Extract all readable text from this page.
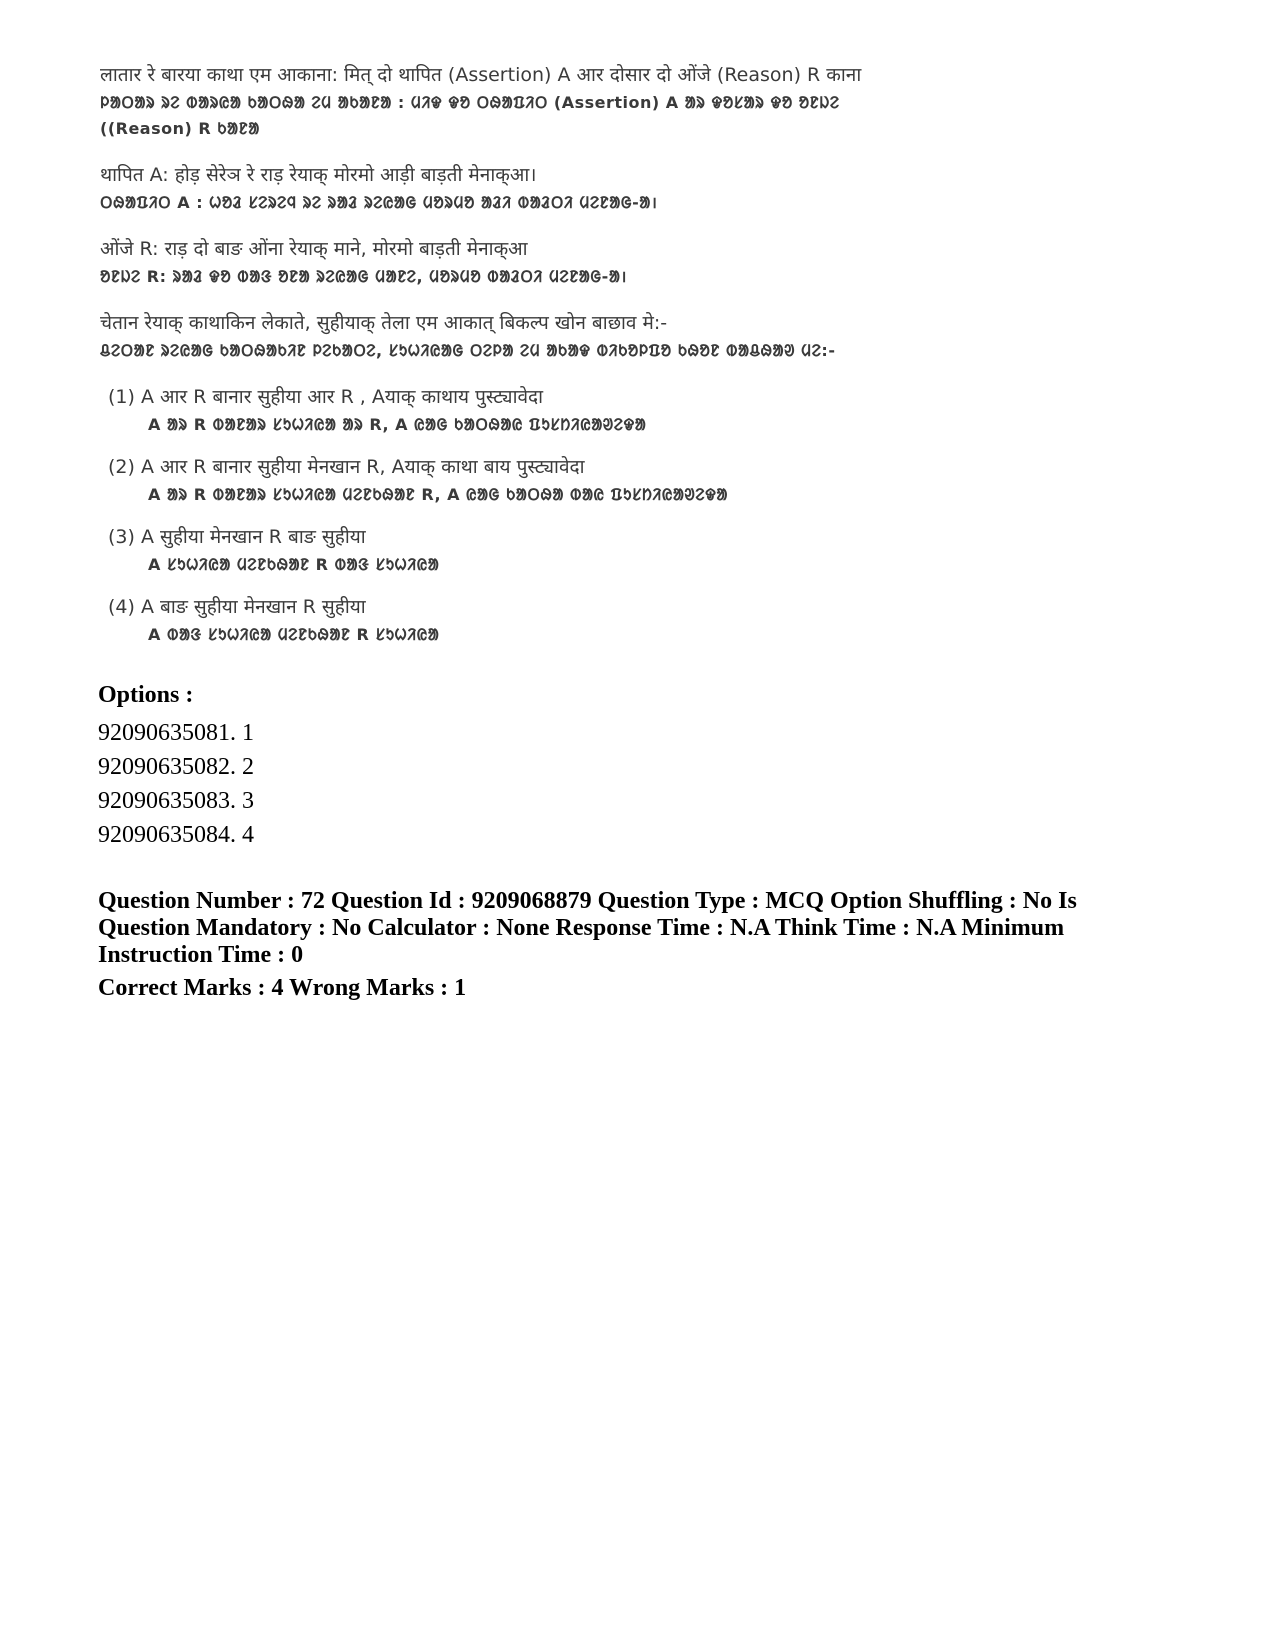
लातार रे बारया काथा एम आकाना: मित् दो थापित (Assertion) A आर दोसार दो ओंजे (Reason) R काना
ᱞᱟᱛᱟᱨ ᱨᱮ ᱵᱟᱨᱭᱟ ᱠᱟᱛᱷᱟ ᱮᱢ ᱟᱠᱟᱱᱟ : ᱢᱤᱫ ᱫᱚ ᱛᱷᱟᱯᱤᱛ (Assertion) A ᱟᱨ ᱫᱚᱥᱟᱨ ᱫᱚ ᱚᱱᱡᱮ ((Reason) R ᱠᱟᱱᱟ
थापित A: होड़ सेरेञ रे राड़ रेयाक् मोरमो आड़ी बाड़ती मेनाक्आ।
ᱛᱷᱟᱯᱤᱛ A : ᱦᱚᱲ ᱥᱮᱨᱮᱧ ᱨᱮ ᱨᱟᱲ ᱨᱮᱭᱟᱜ ᱢᱚᱨᱢᱚ ᱟᱲᱤ ᱵᱟᱲᱛᱤ ᱢᱮᱱᱟᱜ-ᱟ।
ओंजे R: राड़ दो बाङ ओंना रेयाक् माने, मोरमो बाड़ती मेनाक्आ
ᱚᱱᱡᱮ R: ᱨᱟᱲ ᱫᱚ ᱵᱟᱝ ᱚᱱᱟ ᱨᱮᱭᱟᱜ ᱢᱟᱱᱮ, ᱢᱚᱨᱢᱚ ᱵᱟᱲᱛᱤ ᱢᱮᱱᱟᱜ-ᱟ।
चेतान रेयाक् काथाकिन लेकाते, सुहीयाक् तेला एम आकात् बिकल्प खोन बाछाव मे:-
ᱪᱮᱛᱟᱱ ᱨᱮᱭᱟᱜ ᱠᱟᱛᱷᱟᱠᱤᱱ ᱞᱮᱠᱟᱛᱮ, ᱥᱩᱦᱤᱭᱟᱜ ᱛᱮᱞᱟ ᱮᱢ ᱟᱠᱟᱫ ᱵᱤᱠᱚᱞᱯᱚ ᱠᱷᱚᱱ ᱵᱟᱪᱷᱟᱣ ᱢᱮ:-
(1) A आर R बानार सुहीया आर R , Aयाक् काथाय पुस्ट्यावेदा
A ᱟᱨ R ᱵᱟᱱᱟᱨ ᱥᱩᱦᱤᱭᱟ ᱟᱨ R, A ᱭᱟᱜ ᱠᱟᱛᱷᱟᱭ ᱯᱩᱥᱴᱤᱭᱟᱣᱮᱫᱟ
(2) A आर R बानार सुहीया मेनखान R, Aयाक् काथा बाय पुस्ट्यावेदा
A ᱟᱨ R ᱵᱟᱱᱟᱨ ᱥᱩᱦᱤᱭᱟ ᱢᱮᱱᱠᱷᱟᱱ R, A ᱭᱟᱜ ᱠᱟᱛᱷᱟ ᱵᱟᱭ ᱯᱩᱥᱴᱤᱭᱟᱣᱮᱫᱟ
(3) A सुहीया मेनखान R बाङ सुहीया
A ᱥᱩᱦᱤᱭᱟ ᱢᱮᱱᱠᱷᱟᱱ R ᱵᱟᱝ ᱥᱩᱦᱤᱭᱟ
(4) A बाङ सुहीया मेनखान R सुहीया
A ᱵᱟᱝ ᱥᱩᱦᱤᱭᱟ ᱢᱮᱱᱠᱷᱟᱱ R ᱥᱩᱦᱤᱭᱟ
Options :
92090635081. 1
92090635082. 2
92090635083. 3
92090635084. 4
Question Number : 72 Question Id : 9209068879 Question Type : MCQ Option Shuffling : No Is Question Mandatory : No Calculator : None Response Time : N.A Think Time : N.A Minimum Instruction Time : 0
Correct Marks : 4 Wrong Marks : 1
